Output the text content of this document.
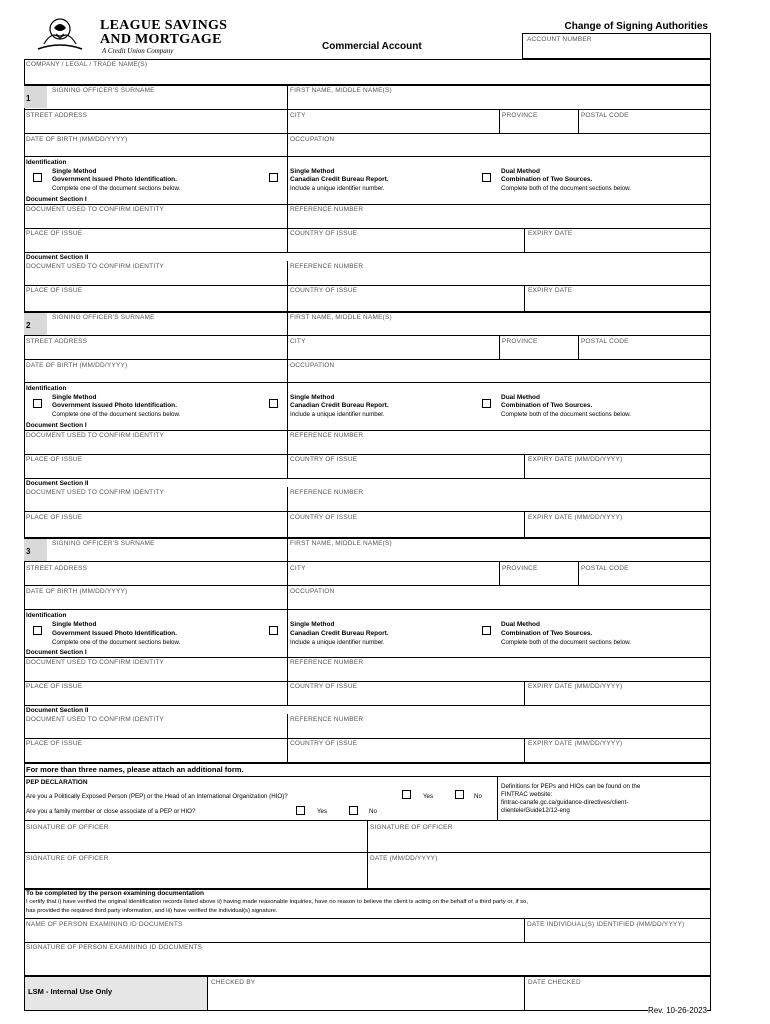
LEAGUE SAVINGS
AND MORTGAGE
A Credit Union Company
Change of Signing Authorities
Commercial Account
ACCOUNT NUMBER
COMPANY / LEGAL / TRADE NAME(S)
1
SIGNING OFFICER'S SURNAME	FIRST NAME, MIDDLE NAME(S)
STREET ADDRESS	CITY	PROVINCE	POSTAL CODE
DATE OF BIRTH (MM/DD/YYYY)	OCCUPATION
Identification
Single Method
Government Issued Photo Identification.
Complete one of the document sections below.
Single Method
Canadian Credit Bureau Report.
Include a unique identifier number.
Dual Method
Combination of Two Sources.
Complete both of the document sections below.
Document Section I
DOCUMENT USED TO CONFIRM IDENTITY	REFERENCE NUMBER
PLACE OF ISSUE	COUNTRY OF ISSUE	EXPIRY DATE
Document Section II
DOCUMENT USED TO CONFIRM IDENTITY	REFERENCE NUMBER
PLACE OF ISSUE	COUNTRY OF ISSUE	EXPIRY DATE
2
SIGNING OFFICER'S SURNAME	FIRST NAME, MIDDLE NAME(S)
STREET ADDRESS	CITY	PROVINCE	POSTAL CODE
DATE OF BIRTH (MM/DD/YYYY)	OCCUPATION
Identification
Single Method
Government Issued Photo Identification.
Complete one of the document sections below.
Single Method
Canadian Credit Bureau Report.
Include a unique identifier number.
Dual Method
Combination of Two Sources.
Complete both of the document sections below.
Document Section I
DOCUMENT USED TO CONFIRM IDENTITY	REFERENCE NUMBER
PLACE OF ISSUE	COUNTRY OF ISSUE	EXPIRY DATE (MM/DD/YYYY)
Document Section II
DOCUMENT USED TO CONFIRM IDENTITY	REFERENCE NUMBER
PLACE OF ISSUE	COUNTRY OF ISSUE	EXPIRY DATE (MM/DD/YYYY)
3
SIGNING OFFICER'S SURNAME	FIRST NAME, MIDDLE NAME(S)
STREET ADDRESS	CITY	PROVINCE	POSTAL CODE
DATE OF BIRTH (MM/DD/YYYY)	OCCUPATION
Identification
Single Method
Government Issued Photo Identification.
Complete one of the document sections below.
Single Method
Canadian Credit Bureau Report.
Include a unique identifier number.
Dual Method
Combination of Two Sources.
Complete both of the document sections below.
Document Section I
DOCUMENT USED TO CONFIRM IDENTITY	REFERENCE NUMBER
PLACE OF ISSUE	COUNTRY OF ISSUE	EXPIRY DATE (MM/DD/YYYY)
Document Section II
DOCUMENT USED TO CONFIRM IDENTITY	REFERENCE NUMBER
PLACE OF ISSUE	COUNTRY OF ISSUE	EXPIRY DATE (MM/DD/YYYY)
For more than three names, please attach an additional form.
PEP DECLARATION
Are you a Politically Exposed Person (PEP) or the Head of an International Organization (HIO)?	Yes	No
Are you a family member or close associate of a PEP or HIO?	Yes	No
Definitions for PEPs and HIOs can be found on the
FINTRAC website:
fintrac-canafe.gc.ca/guidance-directives/client-
clientele/Guide12/12-eng
SIGNATURE OF OFFICER	SIGNATURE OF OFFICER
SIGNATURE OF OFFICER	DATE (MM/DD/YYYY)
To be completed by the person examining documentation
I certify that i) have verified the original identification records listed above ii) having made reasonable inquiries, have no reason to believe the client is acting on the behalf of a third party or, if so,
has provided the required third party information, and iii) have verified the individual(s) signature.
NAME OF PERSON EXAMINING ID DOCUMENTS	DATE INDIVIDUAL(S) IDENTIFIED (MM/DD/YYYY)
SIGNATURE OF PERSON EXAMINING ID DOCUMENTS
LSM - Internal Use Only
CHECKED BY	DATE CHECKED
Rev. 10-26-2023
